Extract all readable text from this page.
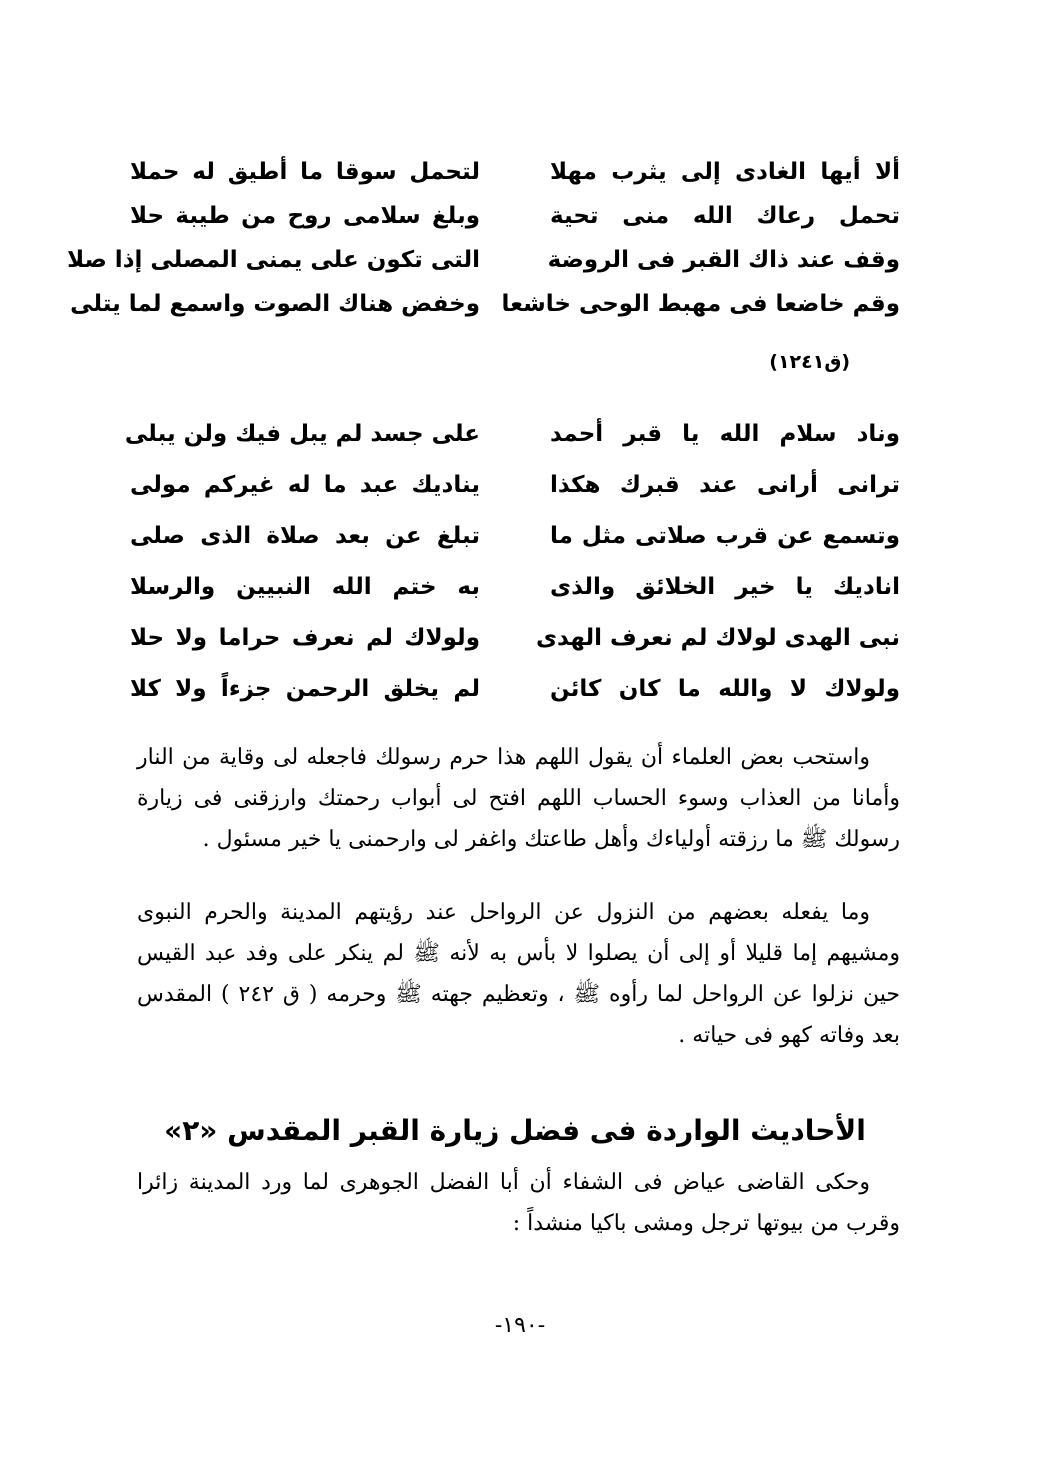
ألا أيها الغادى إلى يثرب مهلا
لتحمل سوقا ما أطيق له حملا
تحمل رعاك الله منى تحية
وبلغ سلامى روح من طيبة حلا
وقف عند ذاك القبر فى الروضة
التى تكون على يمنى المصلى إذا صلا
وقم خاضعا فى مهبط الوحى خاشعا
وخفض هناك الصوت واسمع لما يتلى
(ق١٢٤١)
وناد سلام الله يا قبر أحمد
على جسد لم يبل فيك ولن يبلى
ترانى أرانى عند قبرك هكذا
يناديك عبد ما له غيركم مولى
وتسمع عن قرب صلاتى مثل ما
تبلغ عن بعد صلاة الذى صلى
اناديك يا خير الخلائق والذى
به ختم الله النبيين والرسلا
نبى الهدى لولاك لم نعرف الهدى
ولولاك لم نعرف حراما ولا حلا
ولولاك لا والله ما كان كائن
لم يخلق الرحمن جزءاً ولا كلا

واستحب بعض العلماء أن يقول اللهم هذا حرم رسولك فاجعله لى وقاية من النار وأمانا من العذاب وسوء الحساب اللهم افتح لى أبواب رحمتك وارزقنى فى زيارة رسولك ﷺ ما رزقته أولياءك وأهل طاعتك واغفر لى وارحمنى يا خير مسئول .

وما يفعله بعضهم من النزول عن الرواحل عند رؤيتهم المدينة والحرم النبوى ومشيهم إما قليلا أو إلى أن يصلوا لا بأس به لأنه ﷺ لم ينكر على وفد عبد القيس حين نزلوا عن الرواحل لما رأوه ﷺ ، وتعظيم جهته ﷺ وحرمه ( ق ٢٤٢ ) المقدس بعد وفاته كهو فى حياته .

الأحاديث الواردة فى فضل زيارة القبر المقدس «٢»

وحكى القاضى عياض فى الشفاء أن أبا الفضل الجوهرى لما ورد المدينة زائرا وقرب من بيوتها ترجل ومشى باكيا منشداً :

-١٩٠-
